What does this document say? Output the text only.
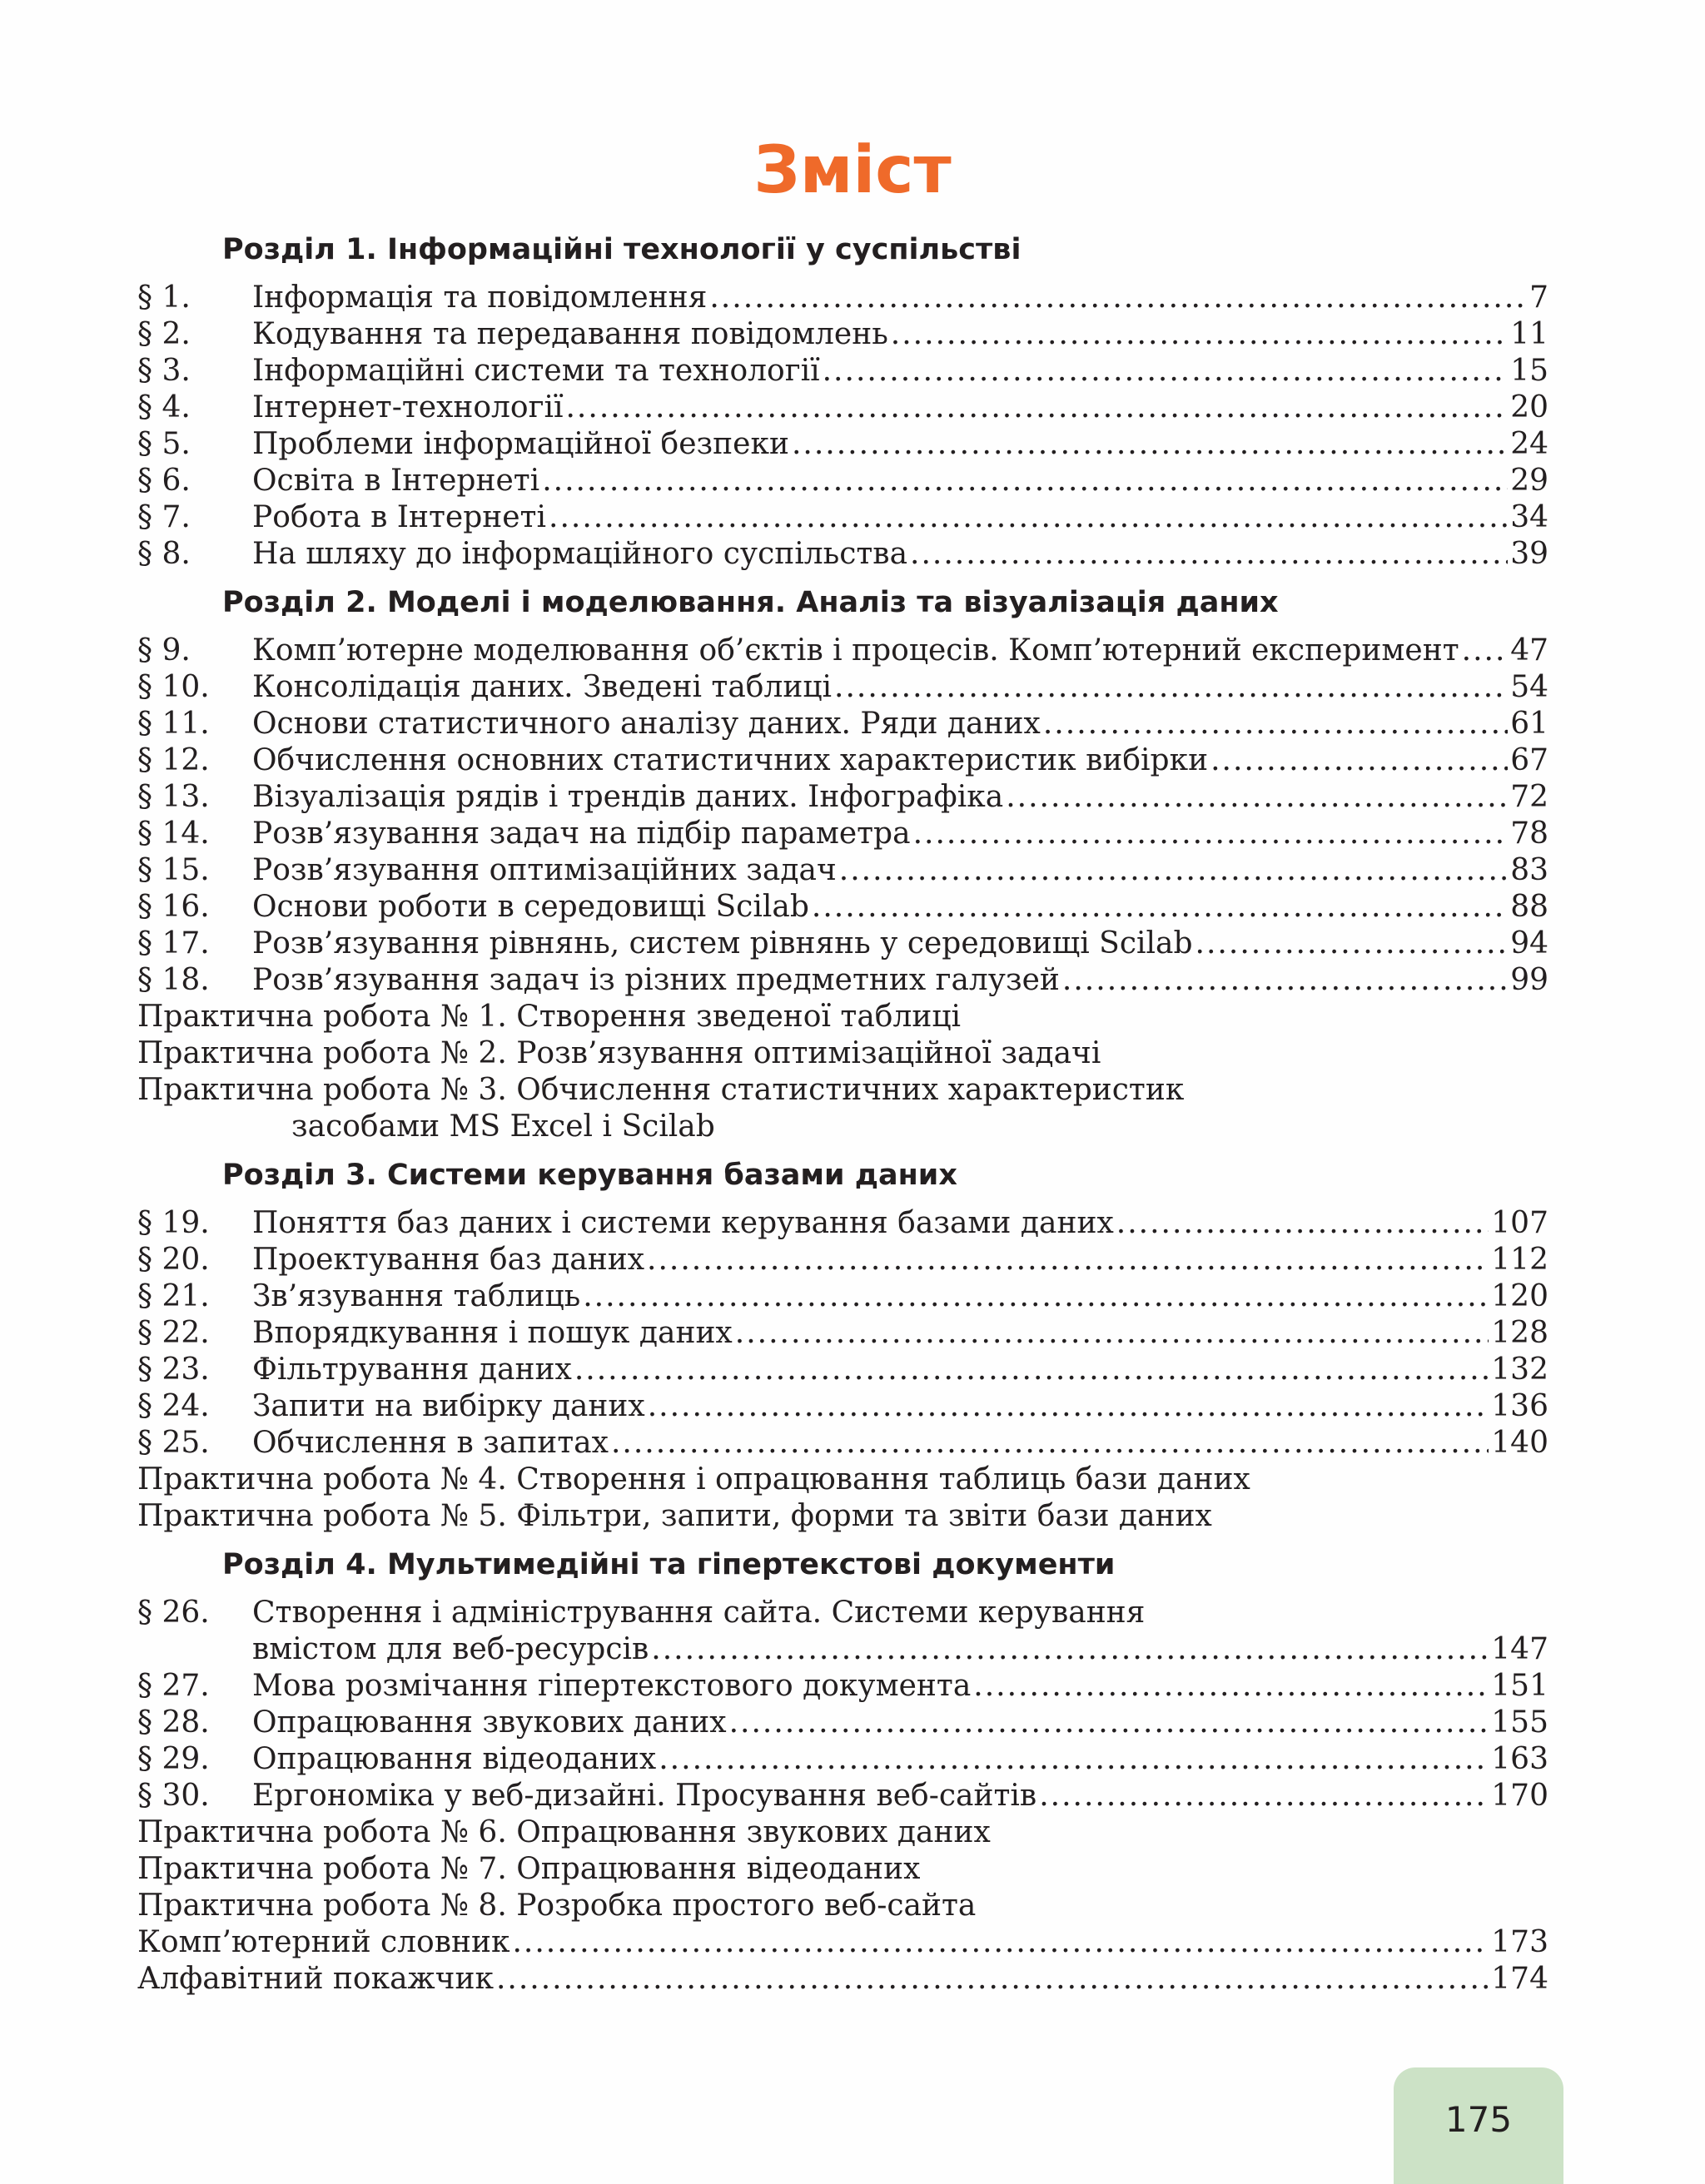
Зміст
Розділ 1. Інформаційні технології у суспільстві
§ 1.	Інформація та повідомлення .....	7
§ 2.	Кодування та передавання повідомлень .....	11
§ 3.	Інформаційні системи та технології .....	15
§ 4.	Інтернет-технології .....	20
§ 5.	Проблеми інформаційної безпеки .....	24
§ 6.	Освіта в Інтернеті .....	29
§ 7.	Робота в Інтернеті .....	34
§ 8.	На шляху до інформаційного суспільства .....	39
Розділ 2. Моделі і моделювання. Аналіз та візуалізація даних
§ 9.	Комп’ютерне моделювання об’єктів і процесів. Комп’ютерний експеримент ..... 47
§ 10.	Консолідація даних. Зведені таблиці .....	54
§ 11.	Основи статистичного аналізу даних. Ряди даних .....	61
§ 12.	Обчислення основних статистичних характеристик вибірки .....	67
§ 13.	Візуалізація рядів і трендів даних. Інфографіка .....	72
§ 14.	Розв’язування задач на підбір параметра .....	78
§ 15.	Розв’язування оптимізаційних задач .....	83
§ 16.	Основи роботи в середовищі Scilab .....	88
§ 17.	Розв’язування рівнянь, систем рівнянь у середовищі Scilab .....	94
§ 18.	Розв’язування задач із різних предметних галузей .....	99
Практична робота № 1. Створення зведеної таблиці
Практична робота № 2. Розв’язування оптимізаційної задачі
Практична робота № 3. Обчислення статистичних характеристик
засобами MS Excel і Scilab
Розділ 3. Системи керування базами даних
§ 19.	Поняття баз даних і системи керування базами даних .....	107
§ 20.	Проектування баз даних .....	112
§ 21.	Зв’язування таблиць .....	120
§ 22.	Впорядкування і пошук даних .....	128
§ 23.	Фільтрування даних .....	132
§ 24.	Запити на вибірку даних .....	136
§ 25.	Обчислення в запитах .....	140
Практична робота № 4. Створення і опрацювання таблиць бази даних
Практична робота № 5. Фільтри, запити, форми та звіти бази даних
Розділ 4. Мультимедійні та гіпертекстові документи
§ 26.	Створення і адміністрування сайта. Системи керування
вмістом для веб-ресурсів .....	147
§ 27.	Мова розмічання гіпертекстового документа .....	151
§ 28.	Опрацювання звукових даних .....	155
§ 29.	Опрацювання відеоданих .....	163
§ 30.	Ергономіка у веб-дизайні. Просування веб-сайтів .....	170
Практична робота № 6. Опрацювання звукових даних
Практична робота № 7. Опрацювання відеоданих
Практична робота № 8. Розробка простого веб-сайта
Комп’ютерний словник .....	173
Алфавітний покажчик .....	174
175
